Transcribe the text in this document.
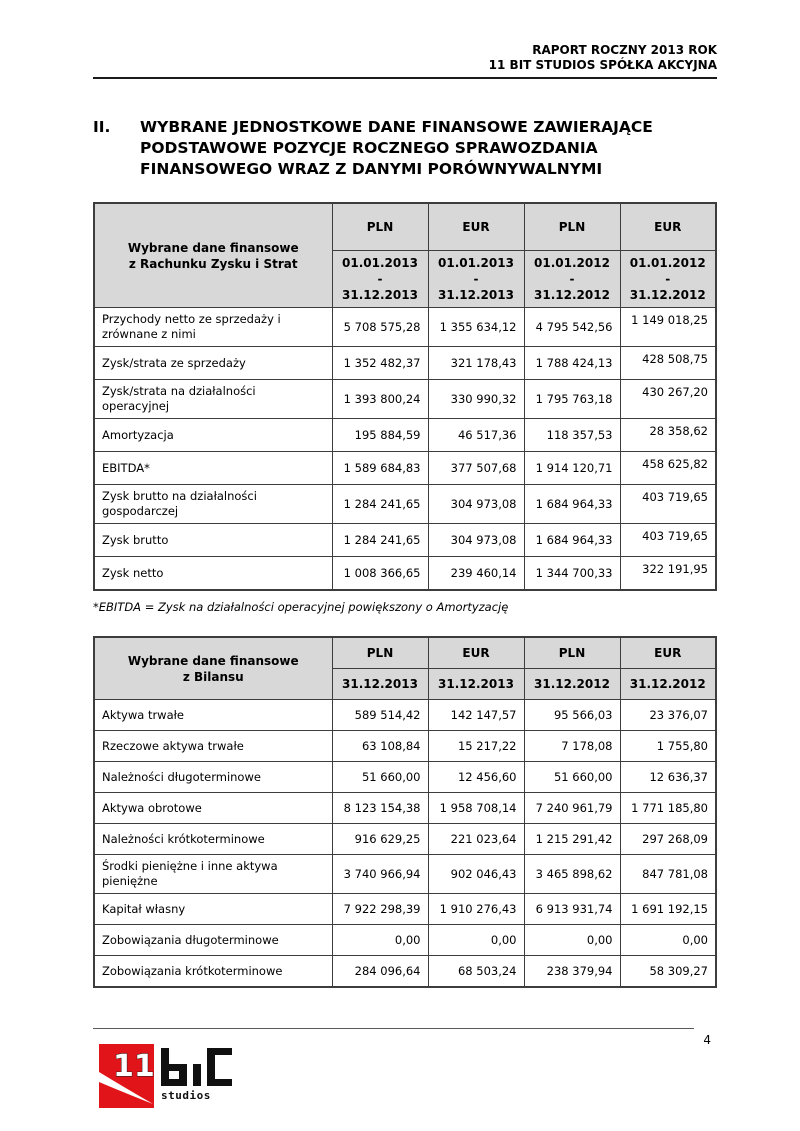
RAPORT ROCZNY 2013 ROK
11 BIT STUDIOS SPÓŁKA AKCYJNA
II.	WYBRANE JEDNOSTKOWE DANE FINANSOWE ZAWIERAJĄCE PODSTAWOWE POZYCJE ROCZNEGO SPRAWOZDANIA FINANSOWEGO WRAZ Z DANYMI PORÓWNYWALNYMI
Wybrane dane finansowe
z Rachunku Zysku i Strat	PLN	EUR	PLN	EUR

	01.01.2013
-
31.12.2013	01.01.2013
-
31.12.2013	01.01.2012
-
31.12.2012	01.01.2012
-
31.12.2012

Przychody netto ze sprzedaży i zrównane z nimi	5 708 575,28	1 355 634,12	4 795 542,56	1 149 018,25
Zysk/strata ze sprzedaży	1 352 482,37	321 178,43	1 788 424,13	428 508,75
Zysk/strata na działalności operacyjnej	1 393 800,24	330 990,32	1 795 763,18	430 267,20
Amortyzacja	195 884,59	46 517,36	118 357,53	28 358,62
EBITDA*	1 589 684,83	377 507,68	1 914 120,71	458 625,82
Zysk brutto na działalności gospodarczej	1 284 241,65	304 973,08	1 684 964,33	403 719,65
Zysk brutto	1 284 241,65	304 973,08	1 684 964,33	403 719,65
Zysk netto	1 008 366,65	239 460,14	1 344 700,33	322 191,95
*EBITDA = Zysk na działalności operacyjnej powiększony o Amortyzację
Wybrane dane finansowe
z Bilansu	PLN	EUR	PLN	EUR
	31.12.2013	31.12.2013	31.12.2012	31.12.2012
Aktywa trwałe	589 514,42	142 147,57	95 566,03	23 376,07
Rzeczowe aktywa trwałe	63 108,84	15 217,22	7 178,08	1 755,80
Należności długoterminowe	51 660,00	12 456,60	51 660,00	12 636,37
Aktywa obrotowe	8 123 154,38	1 958 708,14	7 240 961,79	1 771 185,80
Należności krótkoterminowe	916 629,25	221 023,64	1 215 291,42	297 268,09
Środki pieniężne i inne aktywa pieniężne	3 740 966,94	902 046,43	3 465 898,62	847 781,08
Kapitał własny	7 922 298,39	1 910 276,43	6 913 931,74	1 691 192,15
Zobowiązania długoterminowe	0,00	0,00	0,00	0,00
Zobowiązania krótkoterminowe	284 096,64	68 503,24	238 379,94	58 309,27
4
11
studios
